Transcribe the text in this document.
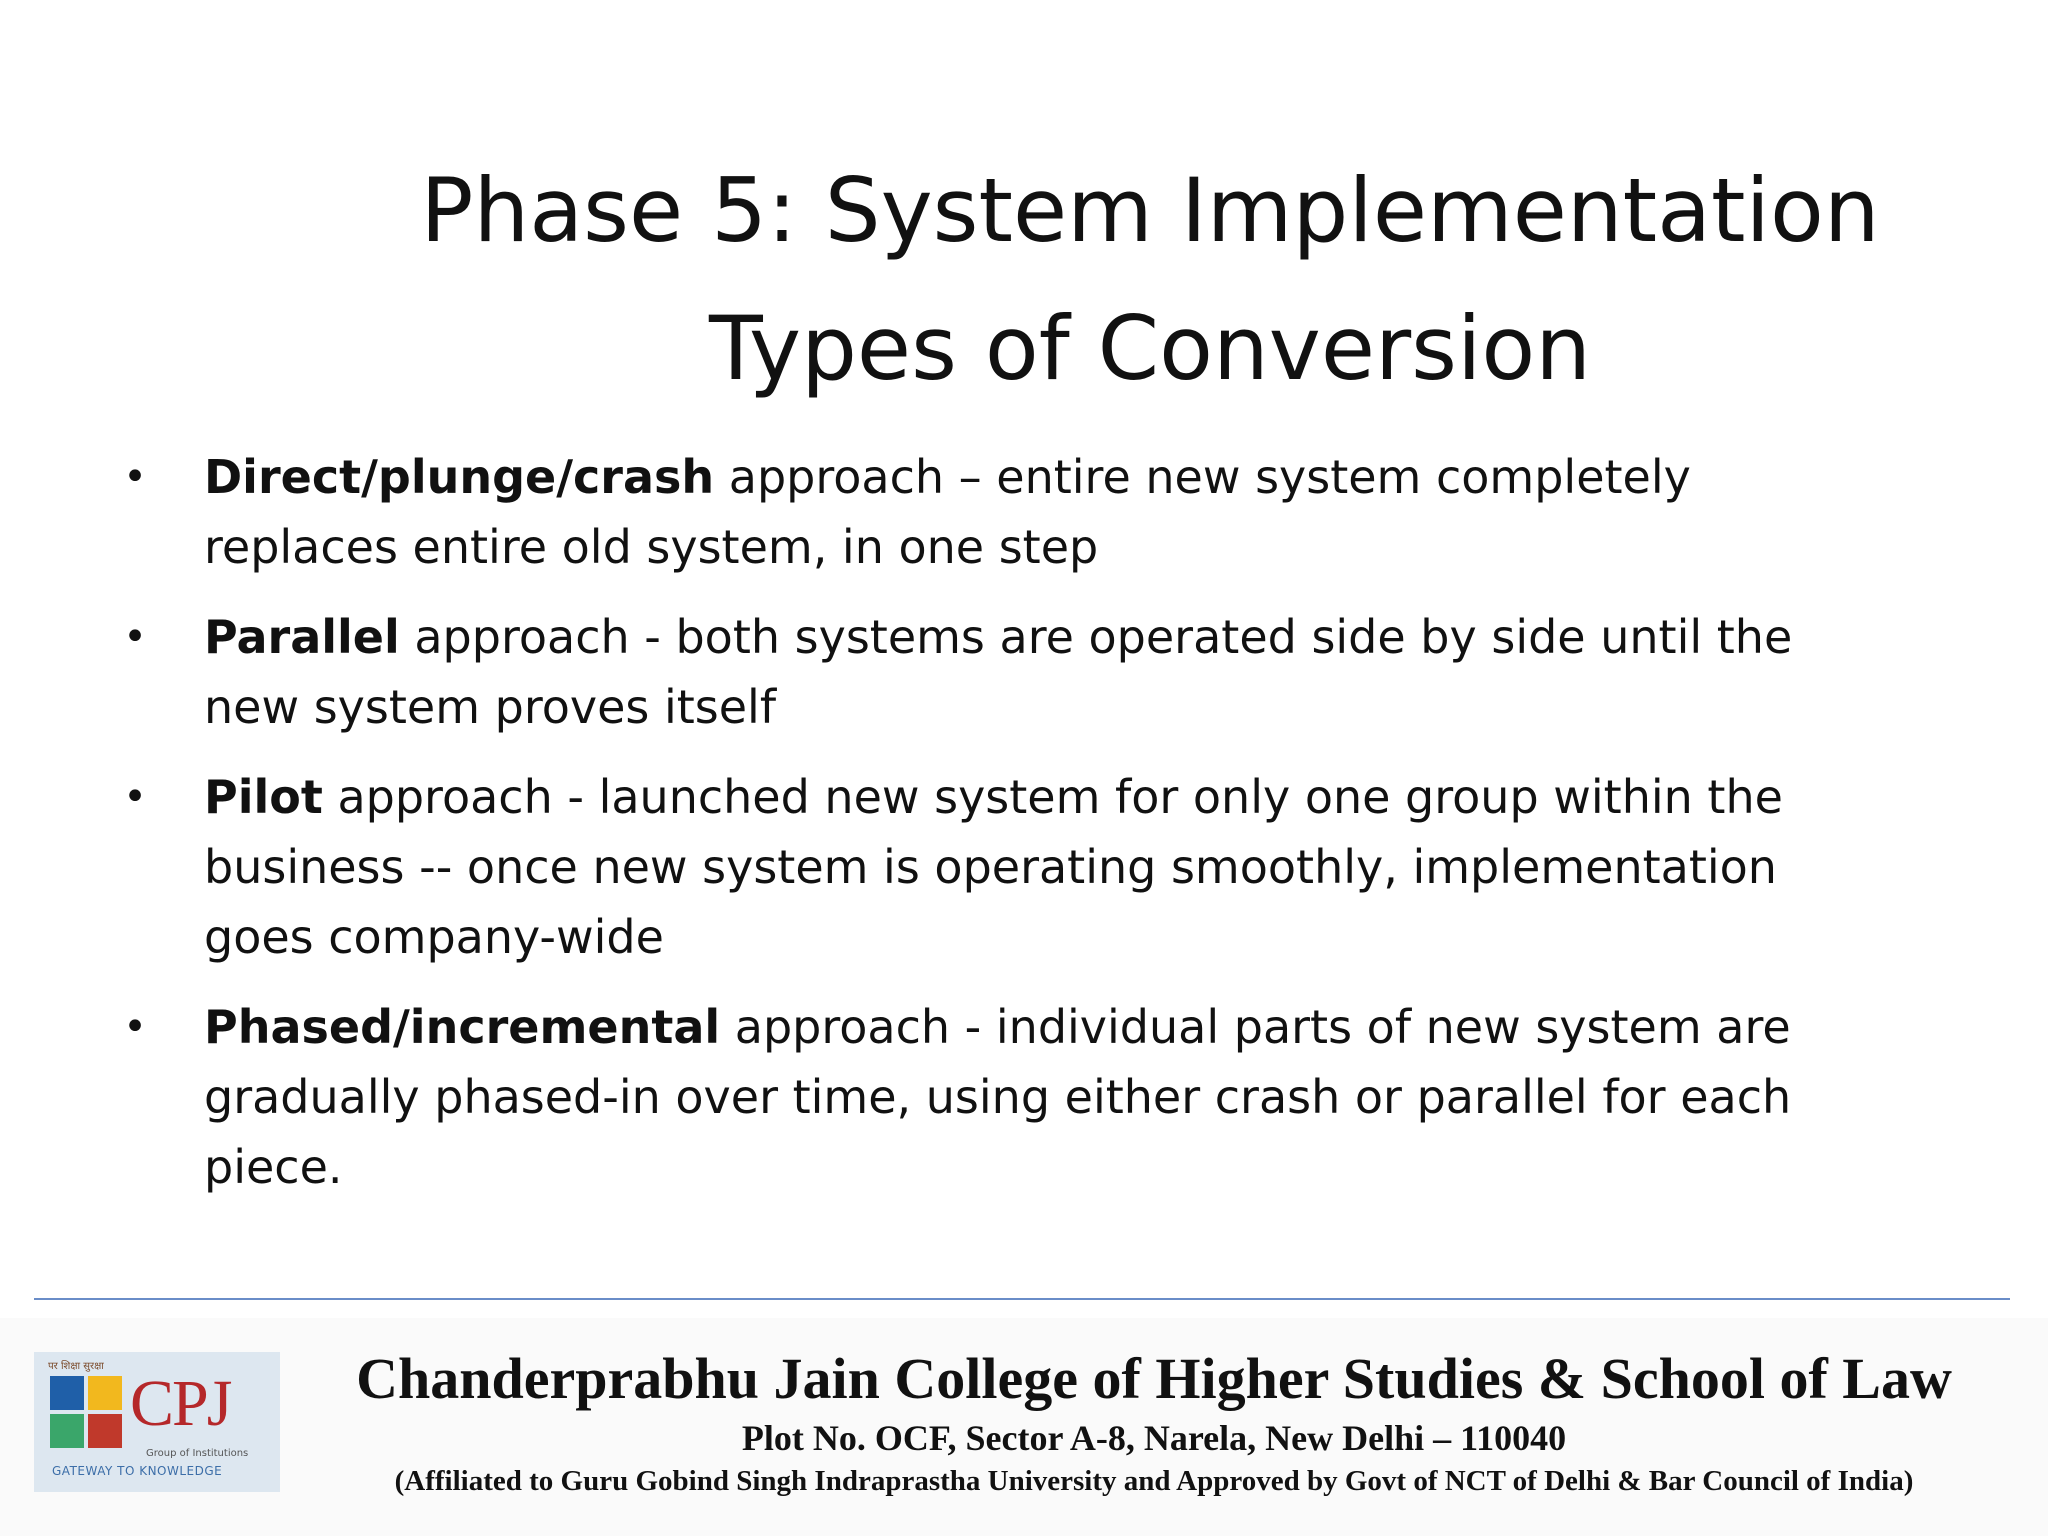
Phase 5: System Implementation
Types of Conversion
• Direct/plunge/crash approach – entire new system completely replaces entire old system, in one step
• Parallel approach - both systems are operated side by side until the new system proves itself
• Pilot approach - launched new system for only one group within the business -- once new system is operating smoothly, implementation goes company-wide
• Phased/incremental approach - individual parts of new system are gradually phased-in over time, using either crash or parallel for each piece.
पर शिक्षा सुरक्षा
CPJ
Group of Institutions
GATEWAY TO KNOWLEDGE
Chanderprabhu Jain College of Higher Studies & School of Law
Plot No. OCF, Sector A-8, Narela, New Delhi – 110040
(Affiliated to Guru Gobind Singh Indraprastha University and Approved by Govt of NCT of Delhi & Bar Council of India)
